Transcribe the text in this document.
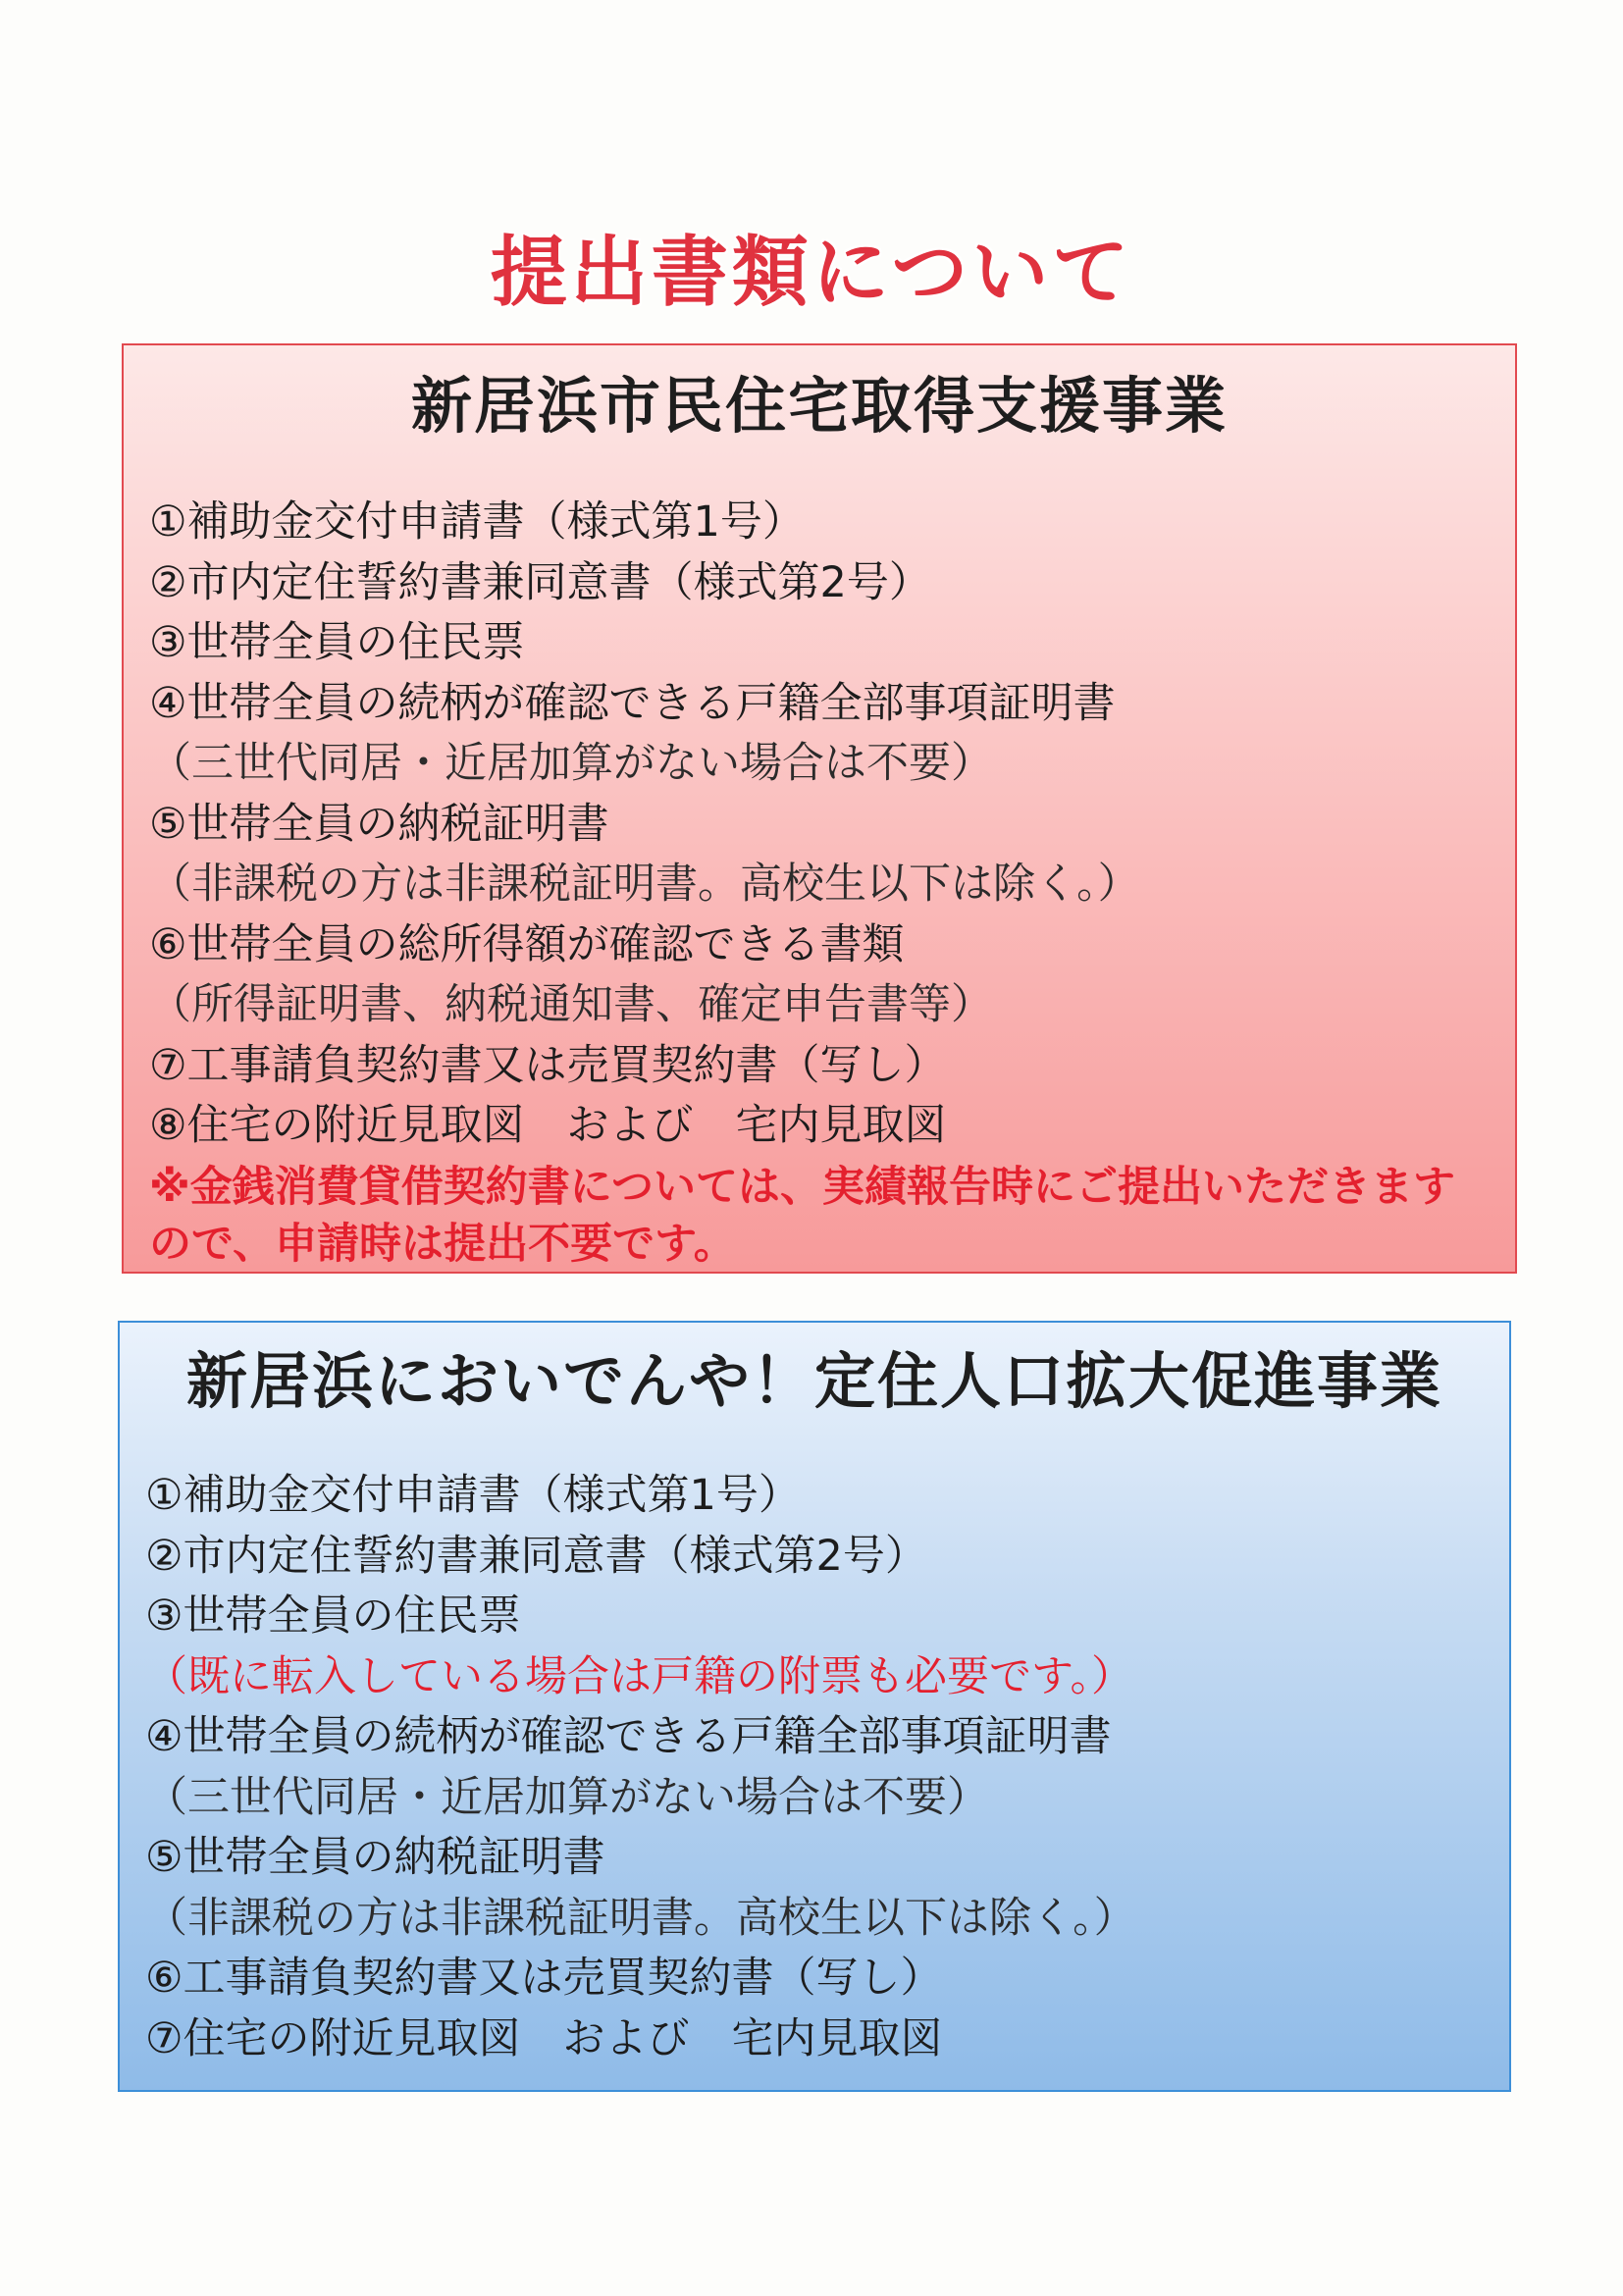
提出書類について
新居浜市民住宅取得支援事業
①補助金交付申請書（様式第1号）
②市内定住誓約書兼同意書（様式第2号）
③世帯全員の住民票
④世帯全員の続柄が確認できる戸籍全部事項証明書
（三世代同居・近居加算がない場合は不要）
⑤世帯全員の納税証明書
（非課税の方は非課税証明書。高校生以下は除く。）
⑥世帯全員の総所得額が確認できる書類
（所得証明書、納税通知書、確定申告書等）
⑦工事請負契約書又は売買契約書（写し）
⑧住宅の附近見取図　および　宅内見取図
※金銭消費貸借契約書については、実績報告時にご提出いただきますので、申請時は提出不要です。
新居浜においでんや！定住人口拡大促進事業
①補助金交付申請書（様式第1号）
②市内定住誓約書兼同意書（様式第2号）
③世帯全員の住民票
（既に転入している場合は戸籍の附票も必要です。）
④世帯全員の続柄が確認できる戸籍全部事項証明書
（三世代同居・近居加算がない場合は不要）
⑤世帯全員の納税証明書
（非課税の方は非課税証明書。高校生以下は除く。）
⑥工事請負契約書又は売買契約書（写し）
⑦住宅の附近見取図　および　宅内見取図
